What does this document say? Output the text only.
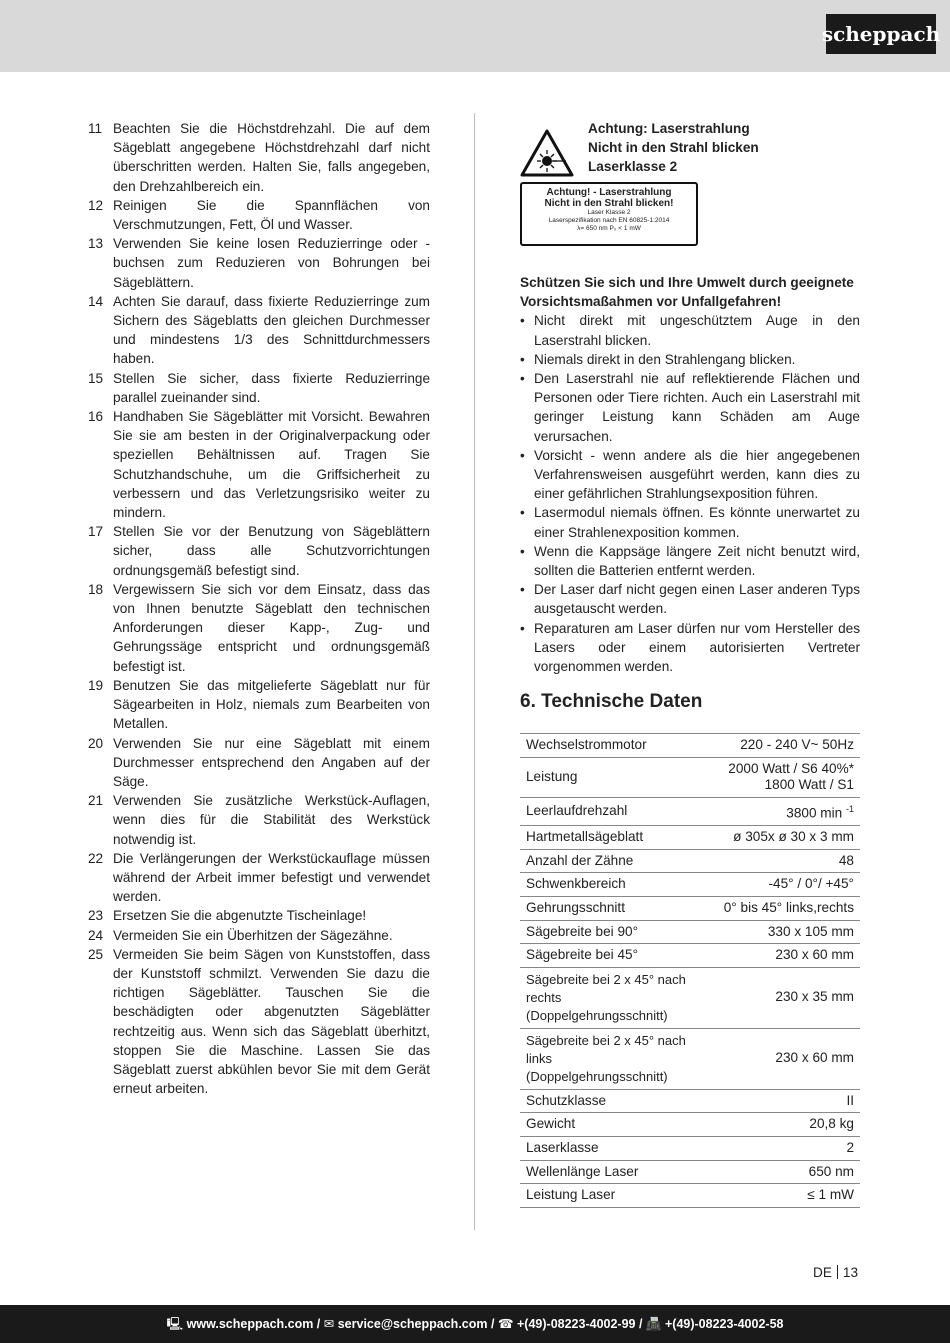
scheppach
11 Beachten Sie die Höchstdrehzahl. Die auf dem Sägeblatt angegebene Höchstdrehzahl darf nicht überschritten werden. Halten Sie, falls angegeben, den Drehzahlbereich ein.
12 Reinigen Sie die Spannflächen von Verschmutzungen, Fett, Öl und Wasser.
13 Verwenden Sie keine losen Reduzierringe oder -buchsen zum Reduzieren von Bohrungen bei Sägeblättern.
14 Achten Sie darauf, dass fixierte Reduzierringe zum Sichern des Sägeblatts den gleichen Durchmesser und mindestens 1/3 des Schnittdurchmessers haben.
15 Stellen Sie sicher, dass fixierte Reduzierringe parallel zueinander sind.
16 Handhaben Sie Sägeblätter mit Vorsicht. Bewahren Sie sie am besten in der Originalverpackung oder speziellen Behältnissen auf. Tragen Sie Schutzhandschuhe, um die Griffsicherheit zu verbessern und das Verletzungsrisiko weiter zu mindern.
17 Stellen Sie vor der Benutzung von Sägeblättern sicher, dass alle Schutzvorrichtungen ordnungsgemäß befestigt sind.
18 Vergewissern Sie sich vor dem Einsatz, dass das von Ihnen benutzte Sägeblatt den technischen Anforderungen dieser Kapp-, Zug- und Gehrungssäge entspricht und ordnungsgemäß befestigt ist.
19 Benutzen Sie das mitgelieferte Sägeblatt nur für Sägearbeiten in Holz, niemals zum Bearbeiten von Metallen.
20 Verwenden Sie nur eine Sägeblatt mit einem Durchmesser entsprechend den Angaben auf der Säge.
21 Verwenden Sie zusätzliche Werkstück-Auflagen, wenn dies für die Stabilität des Werkstück notwendig ist.
22 Die Verlängerungen der Werkstückauflage müssen während der Arbeit immer befestigt und verwendet werden.
23 Ersetzen Sie die abgenutzte Tischeinlage!
24 Vermeiden Sie ein Überhitzen der Sägezähne.
25 Vermeiden Sie beim Sägen von Kunststoffen, dass der Kunststoff schmilzt. Verwenden Sie dazu die richtigen Sägeblätter. Tauschen Sie die beschädigten oder abgenutzten Sägeblätter rechtzeitig aus. Wenn sich das Sägeblatt überhitzt, stoppen Sie die Maschine. Lassen Sie das Sägeblatt zuerst abkühlen bevor Sie mit dem Gerät erneut arbeiten.
Achtung: Laserstrahlung
Nicht in den Strahl blicken
Laserklasse 2
Achtung! - Laserstrahlung
Nicht in den Strahl blicken!
Laser Klasse 2
Laserspezifikation nach EN 60825-1:2014
λ= 650 nm P₀ < 1 mW
Schützen Sie sich und Ihre Umwelt durch geeignete Vorsichtsmaßahmen vor Unfallgefahren!
• Nicht direkt mit ungeschütztem Auge in den Laserstrahl blicken.
• Niemals direkt in den Strahlengang blicken.
• Den Laserstrahl nie auf reflektierende Flächen und Personen oder Tiere richten. Auch ein Laserstrahl mit geringer Leistung kann Schäden am Auge verursachen.
• Vorsicht - wenn andere als die hier angegebenen Verfahrensweisen ausgeführt werden, kann dies zu einer gefährlichen Strahlungsexposition führen.
• Lasermodul niemals öffnen. Es könnte unerwartet zu einer Strahlenexposition kommen.
• Wenn die Kappsäge längere Zeit nicht benutzt wird, sollten die Batterien entfernt werden.
• Der Laser darf nicht gegen einen Laser anderen Typs ausgetauscht werden.
• Reparaturen am Laser dürfen nur vom Hersteller des Lasers oder einem autorisierten Vertreter vorgenommen werden.
6. Technische Daten
Wechselstrommotor	220 - 240 V~ 50Hz
Leistung	2000 Watt / S6 40%*
1800 Watt / S1
Leerlaufdrehzahl	3800 min $^{-1}$
Hartmetallsägeblatt	ø 305x ø 30 x 3 mm
Anzahl der Zähne	48
Schwenkbereich	-45° / 0°/ +45°
Gehrungsschnitt	0° bis 45° links,rechts
Sägebreite bei 90°	330 x 105 mm
Sägebreite bei 45°	230 x 60 mm
Sägebreite bei 2 x 45° nach rechts (Doppelgehrungsschnitt)	230 x 35 mm
Sägebreite bei 2 x 45° nach links (Doppelgehrungsschnitt)	230 x 60 mm
Schutzklasse	II
Gewicht	20,8 kg
Laserklasse	2
Wellenlänge Laser	650 nm
Leistung Laser	≤ 1 mW
DE 13
🖳 www.scheppach.com / ✉ service@scheppach.com / ☎ +(49)-08223-4002-99 / 📠 +(49)-08223-4002-58
